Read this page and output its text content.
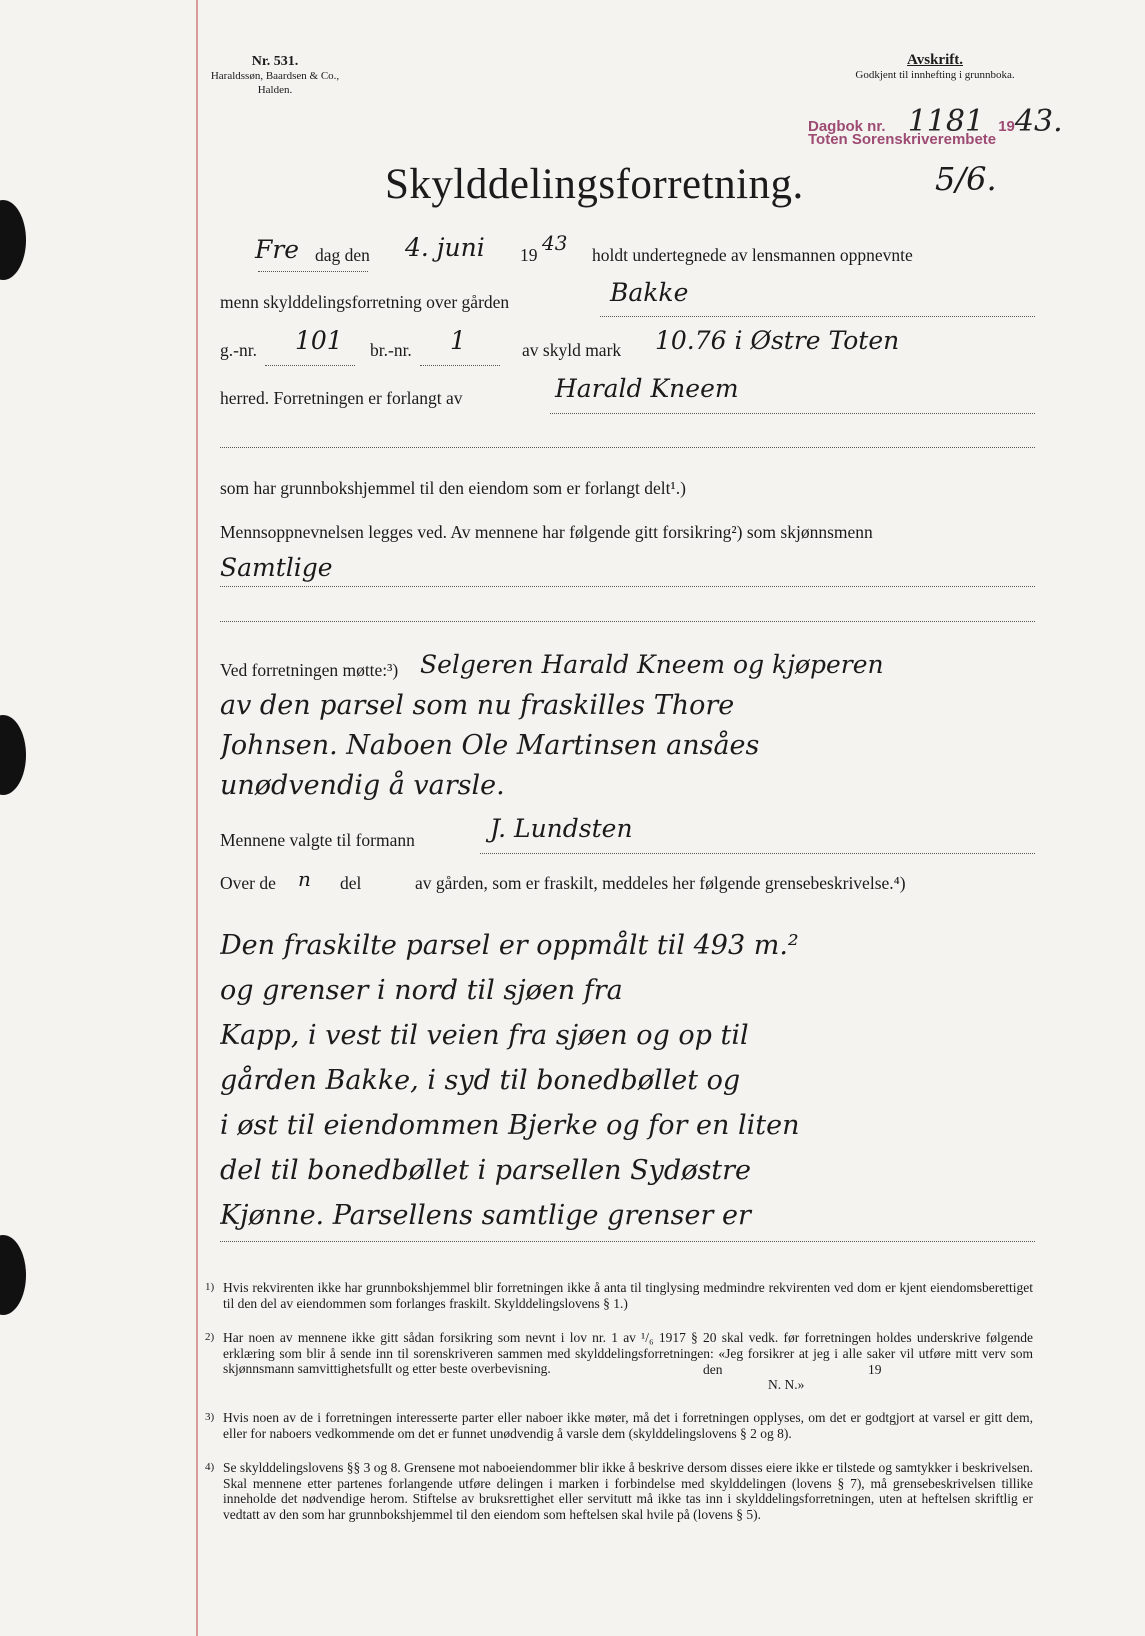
Nr. 531.
Haraldssøn, Baardsen & Co.,
Halden.
Avskrift.
Godkjent til innhefting i grunnboka.
Dagbok nr. 1181 1943.
Toten Sorenskriverembete
5/6.
Skylddelingsforretning.
Fre dag den 4. juni 19 43 holdt undertegnede av lensmannen oppnevnte
menn skylddelingsforretning over gården	Bakke
g.-nr. 101 br.-nr. 1	av skyld mark 10.76 i Østre Toten
herred. Forretningen er forlangt av	Harald Kneem
som har grunnbokshjemmel til den eiendom som er forlangt delt¹.)
Mennsoppnevnelsen legges ved. Av mennene har følgende gitt forsikring²) som skjønnsmenn
Samtlige
Ved forretningen møtte:³) Selgeren Harald Kneem og kjøperen
av den parsel som nu fraskilles Thore
Johnsen. Naboen Ole Martinsen ansåes
unødvendig å varsle.
Mennene valgte til formann	J. Lundsten
Over de n del	av gården, som er fraskilt, meddeles her følgende grensebeskrivelse.⁴)
Den fraskilte parsel er oppmålt til 493 m.²
og grenser i nord til sjøen fra
Kapp, i vest til veien fra sjøen og op til
gården Bakke, i syd til bonedbøllet og
i øst til eiendommen Bjerke og for en liten
del til bonedbøllet i parsellen Sydøstre
Kjønne. Parsellens samtlige grenser er
1) Hvis rekvirenten ikke har grunnbokshjemmel blir forretningen ikke å anta til tinglysing medmindre rekvirenten ved dom er kjent eiendomsberettiget til den del av eiendommen som forlanges fraskilt. Skylddelingslovens § 1.)

2) Har noen av mennene ikke gitt sådan forsikring som nevnt i lov nr. 1 av ¹/₆ 1917 § 20 skal vedk. før forretningen holdes underskrive følgende erklæring som blir å sende inn til sorenskriveren sammen med skylddelingsforretningen: «Jeg forsikrer at jeg i alle saker vil utføre mitt verv som skjønnsmann samvittighetsfullt og etter beste overbevisning.	den	19
N. N.»
3) Hvis noen av de i forretningen interesserte parter eller naboer ikke møter, må det i forretningen opplyses, om det er godtgjort at varsel er gitt dem, eller for naboers vedkommende om det er funnet unødvendig å varsle dem (skylddelingslovens § 2 og 8).

4) Se skylddelingslovens §§ 3 og 8. Grensene mot naboeiendommer blir ikke å beskrive dersom disses eiere ikke er tilstede og samtykker i beskrivelsen. Skal mennene etter partenes forlangende utføre delingen i marken i forbindelse med skylddelingen (lovens § 7), må grensebeskrivelsen tillike inneholde det nødvendige herom. Stiftelse av bruksrettighet eller servitutt må ikke tas inn i skylddelingsforretningen, uten at heftelsen skriftlig er vedtatt av den som har grunnbokshjemmel til den eiendom som heftelsen skal hvile på (lovens § 5).
